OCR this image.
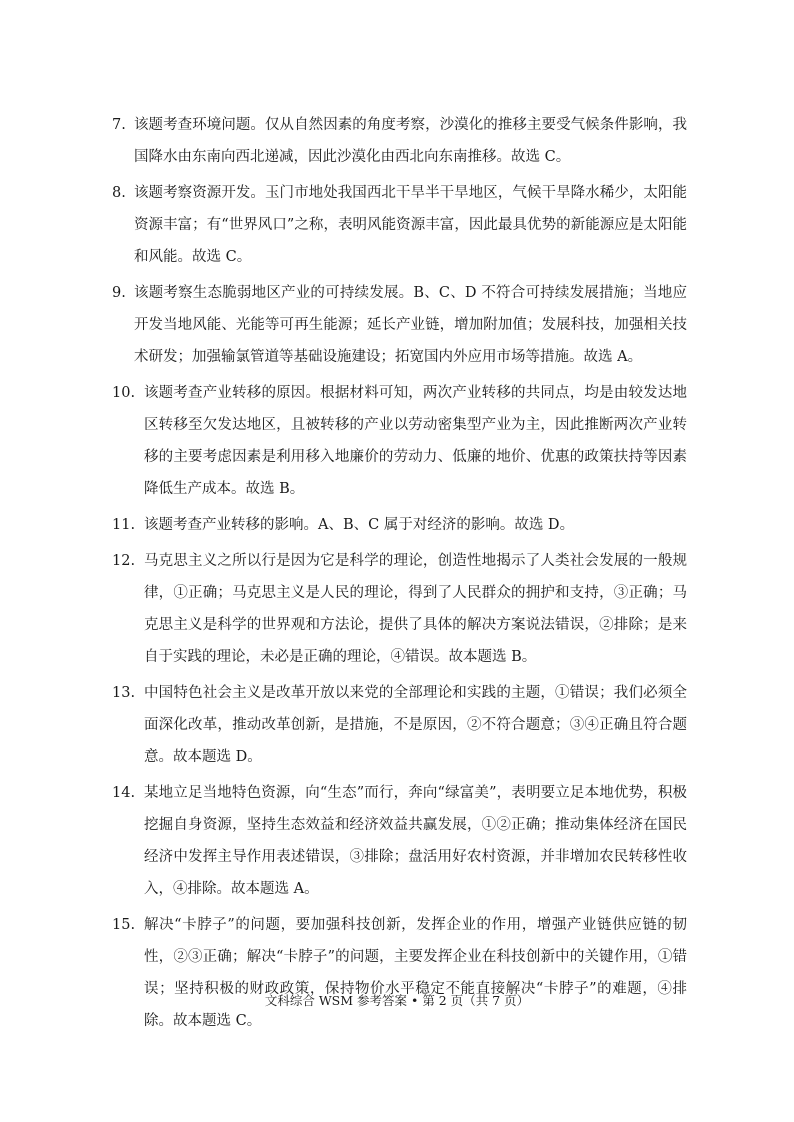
7. 该题考查环境问题。仅从自然因素的角度考察，沙漠化的推移主要受气候条件影响，我国降水由东南向西北递减，因此沙漠化由西北向东南推移。故选 C。
8. 该题考察资源开发。玉门市地处我国西北干旱半干旱地区，气候干旱降水稀少，太阳能资源丰富；有“世界风口”之称，表明风能资源丰富，因此最具优势的新能源应是太阳能和风能。故选 C。
9. 该题考察生态脆弱地区产业的可持续发展。B、C、D 不符合可持续发展措施；当地应开发当地风能、光能等可再生能源；延长产业链，增加附加值；发展科技，加强相关技术研发；加强输氯管道等基础设施建设；拓宽国内外应用市场等措施。故选 A。
10. 该题考查产业转移的原因。根据材料可知，两次产业转移的共同点，均是由较发达地区转移至欠发达地区，且被转移的产业以劳动密集型产业为主，因此推断两次产业转移的主要考虑因素是利用移入地廉价的劳动力、低廉的地价、优惠的政策扶持等因素降低生产成本。故选 B。
11. 该题考查产业转移的影响。A、B、C 属于对经济的影响。故选 D。
12. 马克思主义之所以行是因为它是科学的理论，创造性地揭示了人类社会发展的一般规律，①正确；马克思主义是人民的理论，得到了人民群众的拥护和支持，③正确；马克思主义是科学的世界观和方法论，提供了具体的解决方案说法错误，②排除；是来自于实践的理论，未必是正确的理论，④错误。故本题选 B。
13. 中国特色社会主义是改革开放以来党的全部理论和实践的主题，①错误；我们必须全面深化改革，推动改革创新，是措施，不是原因，②不符合题意；③④正确且符合题意。故本题选 D。
14. 某地立足当地特色资源，向“生态”而行，奔向“绿富美”，表明要立足本地优势，积极挖掘自身资源，坚持生态效益和经济效益共赢发展，①②正确；推动集体经济在国民经济中发挥主导作用表述错误，③排除；盘活用好农村资源，并非增加农民转移性收入，④排除。故本题选 A。
15. 解决“卡脖子”的问题，要加强科技创新，发挥企业的作用，增强产业链供应链的韧性，②③正确；解决“卡脖子”的问题，主要发挥企业在科技创新中的关键作用，①错误；坚持积极的财政政策，保持物价水平稳定不能直接解决“卡脖子”的难题，④排除。故本题选 C。
文科综合 WSM 参考答案 • 第 2 页（共 7 页）
